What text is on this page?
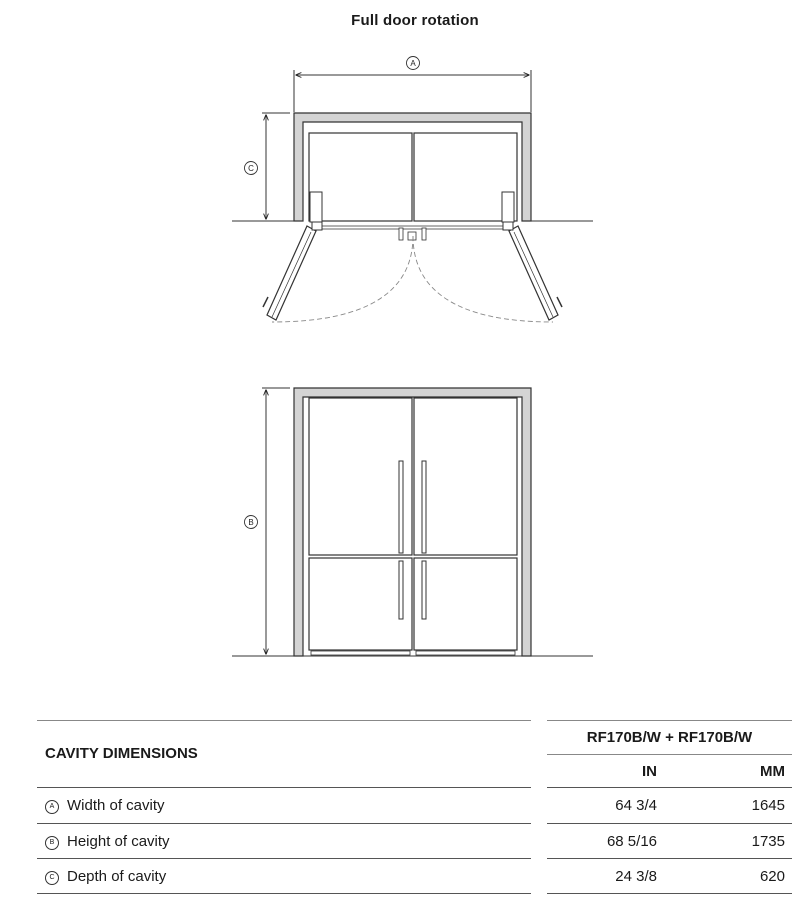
Full door rotation
A
C
B
CAVITY DIMENSIONS
RF170B/W + RF170B/W
IN	MM
A Width of cavity	64 3/4	1645
B Height of cavity	68 5/16	1735
C Depth of cavity	24 3/8	620
